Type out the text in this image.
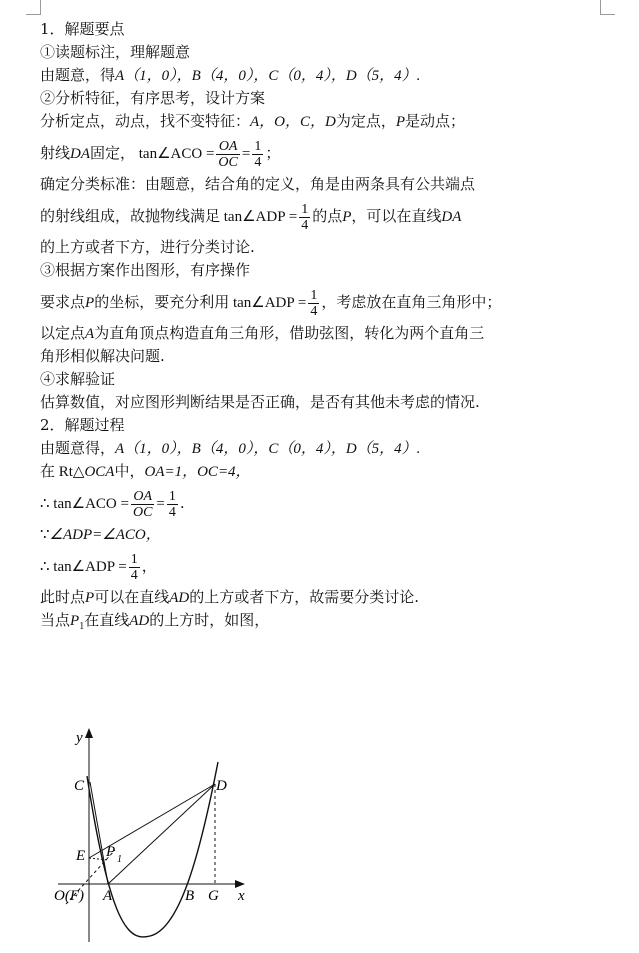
1．解题要点
①读题标注，理解题意
由题意，得A（1，0），B（4，0），C（0，4），D（5，4）.
②分析特征，有序思考，设计方案
分析定点，动点，找不变特征：A，O，C，D为定点，P是动点；
射线DA固定， tan∠ACO = $\frac{OA}{OC} = \frac{1}{4}$ ；
确定分类标准：由题意，结合角的定义，角是由两条具有公共端点
的射线组成，故抛物线满足 tan∠ADP = $\frac{1}{4}$ 的点P，可以在直线DA
的上方或者下方，进行分类讨论.
③根据方案作出图形，有序操作
要求点P的坐标，要充分利用 tan∠ADP = $\frac{1}{4}$ ，考虑放在直角三角形中；
以定点A为直角顶点构造直角三角形，借助弦图，转化为两个直角三
角形相似解决问题.
④求解验证
估算数值，对应图形判断结果是否正确，是否有其他未考虑的情况.
2．解题过程
由题意得，A（1，0），B（4，0），C（0，4），D（5，4）.
在 Rt△OCA中，OA=1，OC=4，
∴ tan∠ACO = $\frac{OA}{OC} = \frac{1}{4}$ .
∵∠ADP=∠ACO，
∴ tan∠ADP = $\frac{1}{4}$ ，
此时点P可以在直线AD的上方或者下方，故需要分类讨论.
当点$P_1$在直线AD的上方时，如图，
y
x
C	D
E P 1
O(F) A	B G
